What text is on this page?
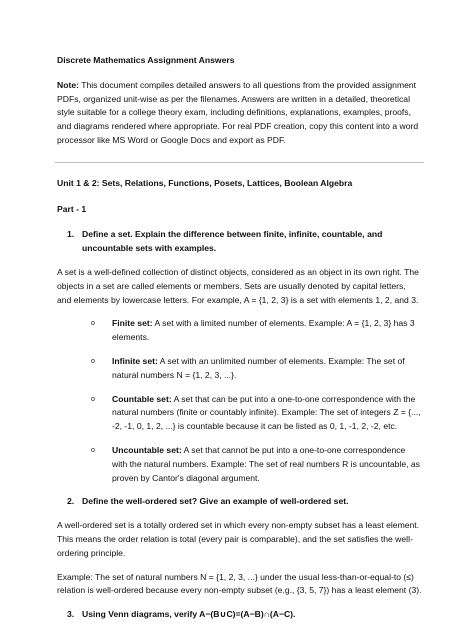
Discrete Mathematics Assignment Answers

Note: This document compiles detailed answers to all questions from the provided assignment PDFs, organized unit-wise as per the filenames. Answers are written in a detailed, theoretical style suitable for a college theory exam, including definitions, explanations, examples, proofs, and diagrams rendered where appropriate. For real PDF creation, copy this content into a word processor like MS Word or Google Docs and export as PDF.

Unit 1 & 2: Sets, Relations, Functions, Posets, Lattices, Boolean Algebra

Part - 1

1. Define a set. Explain the difference between finite, infinite, countable, and uncountable sets with examples.

A set is a well-defined collection of distinct objects, considered as an object in its own right. The objects in a set are called elements or members. Sets are usually denoted by capital letters, and elements by lowercase letters. For example, A = {1, 2, 3} is a set with elements 1, 2, and 3.

o Finite set: A set with a limited number of elements. Example: A = {1, 2, 3} has 3 elements.
o Infinite set: A set with an unlimited number of elements. Example: The set of natural numbers N = {1, 2, 3, ...}.
o Countable set: A set that can be put into a one-to-one correspondence with the natural numbers (finite or countably infinite). Example: The set of integers Z = {..., -2, -1, 0, 1, 2, ...} is countable because it can be listed as 0, 1, -1, 2, -2, etc.
o Uncountable set: A set that cannot be put into a one-to-one correspondence with the natural numbers. Example: The set of real numbers R is uncountable, as proven by Cantor's diagonal argument.
2. Define the well-ordered set? Give an example of well-ordered set.

A well-ordered set is a totally ordered set in which every non-empty subset has a least element. This means the order relation is total (every pair is comparable), and the set satisfies the well-ordering principle.

Example: The set of natural numbers N = {1, 2, 3, ...} under the usual less-than-or-equal-to (≤) relation is well-ordered because every non-empty subset (e.g., {3, 5, 7}) has a least element (3).

3. Using Venn diagrams, verify A−(B∪C)=(A−B)∩(A−C).
